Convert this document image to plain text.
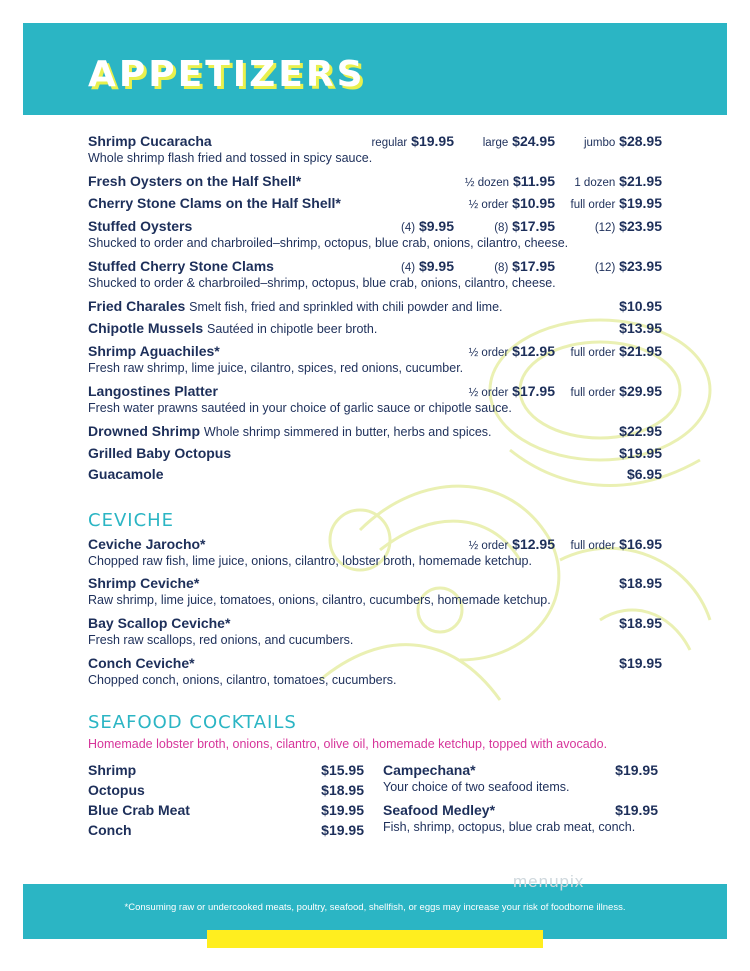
APPETIZERS
Shrimp Cucaracha	regular $19.95 large $24.95	jumbo $28.95
Whole shrimp flash fried and tossed in spicy sauce.
Fresh Oysters on the Half Shell*	½ dozen $11.95 1 dozen $21.95
Cherry Stone Clams on the Half Shell*	½ order $10.95 full order $19.95
Stuffed Oysters	(4) $9.95	(8) $17.95	(12) $23.95
Shucked to order and charbroiled–shrimp, octopus, blue crab, onions, cilantro, cheese.
Stuffed Cherry Stone Clams	(4) $9.95	(8) $17.95	(12) $23.95
Shucked to order & charbroiled–shrimp, octopus, blue crab, onions, cilantro, cheese.
Fried Charales Smelt fish, fried and sprinkled with chili powder and lime.	$10.95
Chipotle Mussels Sautéed in chipotle beer broth.	$13.95
Shrimp Aguachiles*	½ order $12.95 full order $21.95
Fresh raw shrimp, lime juice, cilantro, spices, red onions, cucumber.
Langostines Platter	½ order $17.95 full order $29.95
Fresh water prawns sautéed in your choice of garlic sauce or chipotle sauce.
Drowned Shrimp Whole shrimp simmered in butter, herbs and spices.	$22.95
Grilled Baby Octopus	$19.95
Guacamole	$6.95
CEVICHE
Ceviche Jarocho*	½ order $12.95 full order $16.95
Chopped raw fish, lime juice, onions, cilantro, lobster broth, homemade ketchup.
Shrimp Ceviche*	$18.95
Raw shrimp, lime juice, tomatoes, onions, cilantro, cucumbers, homemade ketchup.
Bay Scallop Ceviche*	$18.95
Fresh raw scallops, red onions, and cucumbers.
Conch Ceviche*	$19.95
Chopped conch, onions, cilantro, tomatoes, cucumbers.
SEAFOOD COCKTAILS
Homemade lobster broth, onions, cilantro, olive oil, homemade ketchup, topped with avocado.
Shrimp	$15.95
Octopus	$18.95
Blue Crab Meat	$19.95
Conch	$19.95
Campechana*	$19.95
Your choice of two seafood items.
Seafood Medley*	$19.95
Fish, shrimp, octopus, blue crab meat, conch.
menupix
*Consuming raw or undercooked meats, poultry, seafood, shellfish, or eggs may increase your risk of foodborne illness.
